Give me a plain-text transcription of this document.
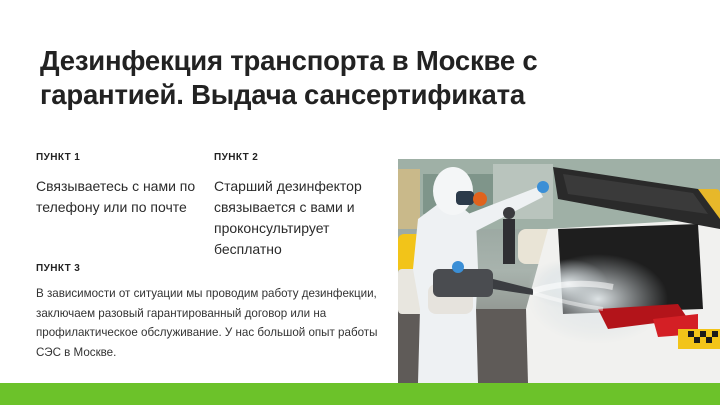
Дезинфекция транспорта в Москве с гарантией. Выдача сансертификата
ПУНКТ 1
Связываетесь с нами по телефону или по почте
ПУНКТ 2
Старший дезинфектор связывается с вами и проконсультирует бесплатно
ПУНКТ 3
В зависимости от ситуации мы проводим работу дезинфекции, заключаем разовый гарантированный договор или на профилактическое обслуживание. У нас большой опыт работы СЭС в Москве.
